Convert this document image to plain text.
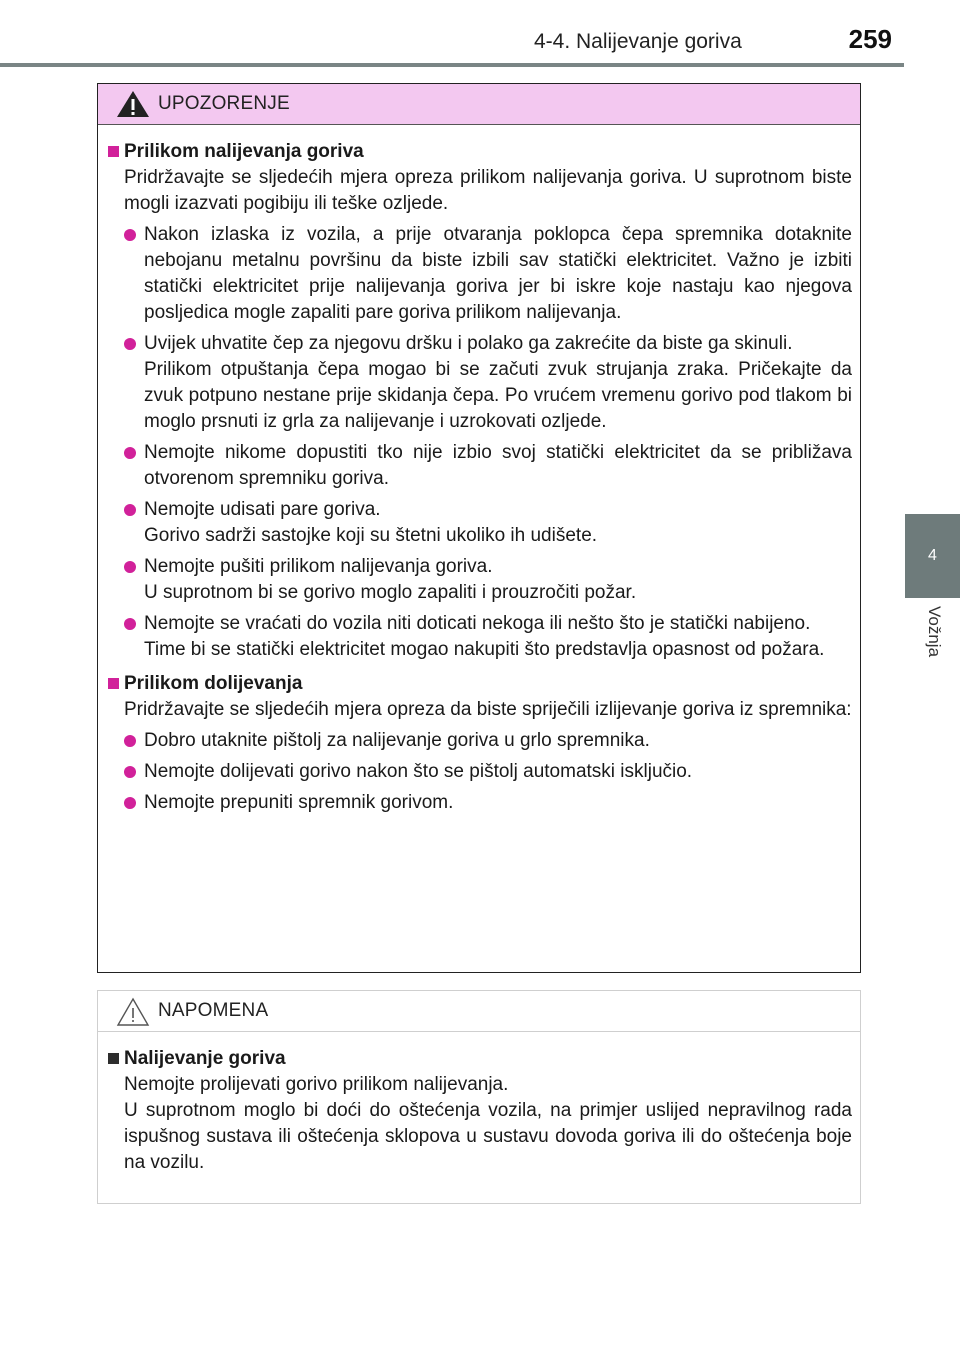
4-4. Nalijevanje goriva	259
4
Vožnja
UPOZORENJE
Prilikom nalijevanja goriva
Pridržavajte se sljedećih mjera opreza prilikom nalijevanja goriva. U suprotnom biste mogli izazvati pogibiju ili teške ozljede.
Nakon izlaska iz vozila, a prije otvaranja poklopca čepa spremnika dotaknite nebojanu metalnu površinu da biste izbili sav statički elektricitet. Važno je izbiti statički elektricitet prije nalijevanja goriva jer bi iskre koje nastaju kao njegova posljedica mogle zapaliti pare goriva prilikom nalijevanja.
Uvijek uhvatite čep za njegovu dršku i polako ga zakrećite da biste ga skinuli.
Prilikom otpuštanja čepa mogao bi se začuti zvuk strujanja zraka. Pričekajte da zvuk potpuno nestane prije skidanja čepa. Po vrućem vremenu gorivo pod tlakom bi moglo prsnuti iz grla za nalijevanje i uzrokovati ozljede.
Nemojte nikome dopustiti tko nije izbio svoj statički elektricitet da se približava otvorenom spremniku goriva.
Nemojte udisati pare goriva.
Gorivo sadrži sastojke koji su štetni ukoliko ih udišete.
Nemojte pušiti prilikom nalijevanja goriva.
U suprotnom bi se gorivo moglo zapaliti i prouzročiti požar.
Nemojte se vraćati do vozila niti doticati nekoga ili nešto što je statički nabijeno.
Time bi se statički elektricitet mogao nakupiti što predstavlja opasnost od požara.
Prilikom dolijevanja
Pridržavajte se sljedećih mjera opreza da biste spriječili izlijevanje goriva iz spremnika:
Dobro utaknite pištolj za nalijevanje goriva u grlo spremnika.
Nemojte dolijevati gorivo nakon što se pištolj automatski isključio.
Nemojte prepuniti spremnik gorivom.
NAPOMENA
Nalijevanje goriva
Nemojte prolijevati gorivo prilikom nalijevanja.
U suprotnom moglo bi doći do oštećenja vozila, na primjer uslijed nepravilnog rada ispušnog sustava ili oštećenja sklopova u sustavu dovoda goriva ili do oštećenja boje na vozilu.
